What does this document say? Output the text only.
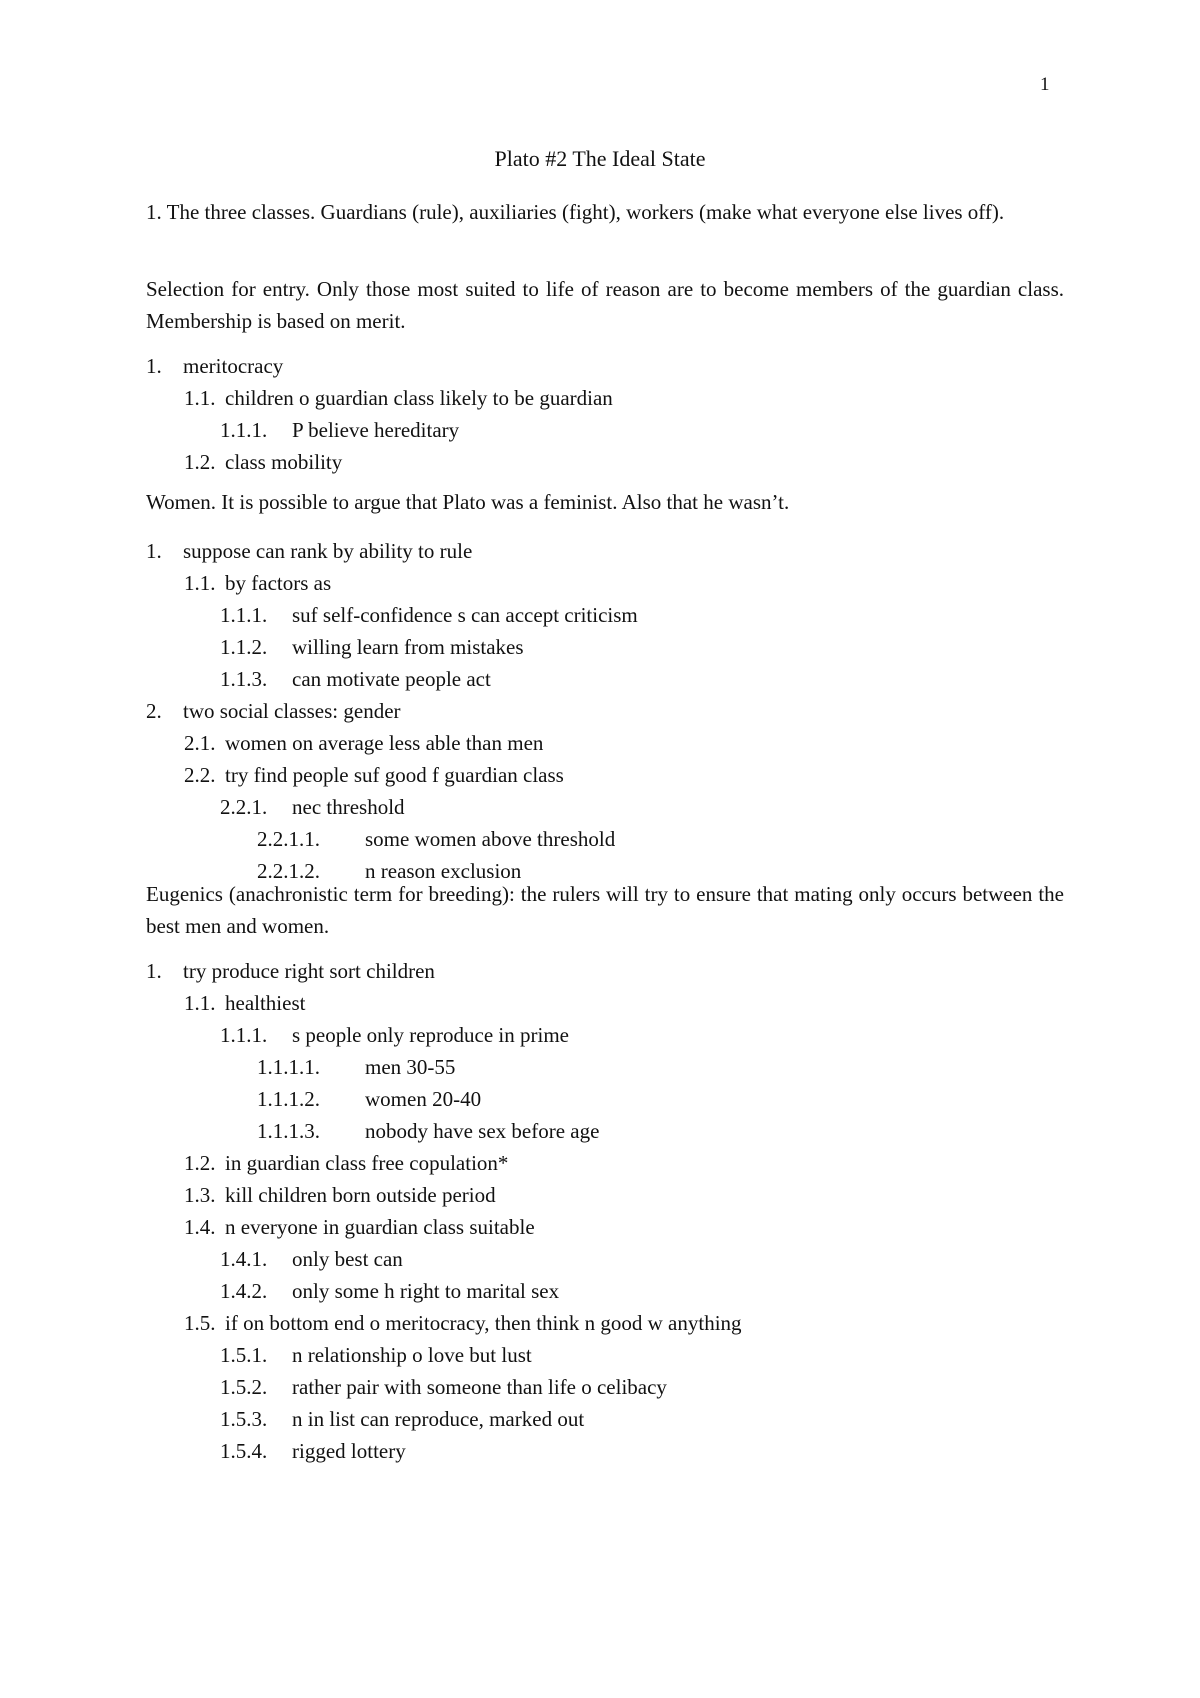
1
Plato #2 The Ideal State

1. The three classes. Guardians (rule), auxiliaries (fight), workers (make what everyone else lives off).

Selection for entry. Only those most suited to life of reason are to become members of the guardian class. Membership is based on merit.

1. meritocracy
1.1. children o guardian class likely to be guardian
1.1.1. P believe hereditary
1.2. class mobility

Women. It is possible to argue that Plato was a feminist. Also that he wasn’t.

1. suppose can rank by ability to rule
1.1. by factors as
1.1.1. suf self-confidence s can accept criticism
1.1.2. willing learn from mistakes
1.1.3. can motivate people act
2. two social classes: gender
2.1. women on average less able than men
2.2. try find people suf good f guardian class
2.2.1. nec threshold
2.2.1.1. some women above threshold
2.2.1.2. n reason exclusion

Eugenics (anachronistic term for breeding): the rulers will try to ensure that mating only occurs between the best men and women.

1. try produce right sort children
1.1. healthiest
1.1.1. s people only reproduce in prime
1.1.1.1. men 30-55
1.1.1.2. women 20-40
1.1.1.3. nobody have sex before age
1.2. in guardian class free copulation*
1.3. kill children born outside period
1.4. n everyone in guardian class suitable
1.4.1. only best can
1.4.2. only some h right to marital sex
1.5. if on bottom end o meritocracy, then think n good w anything
1.5.1. n relationship o love but lust
1.5.2. rather pair with someone than life o celibacy
1.5.3. n in list can reproduce, marked out
1.5.4. rigged lottery
